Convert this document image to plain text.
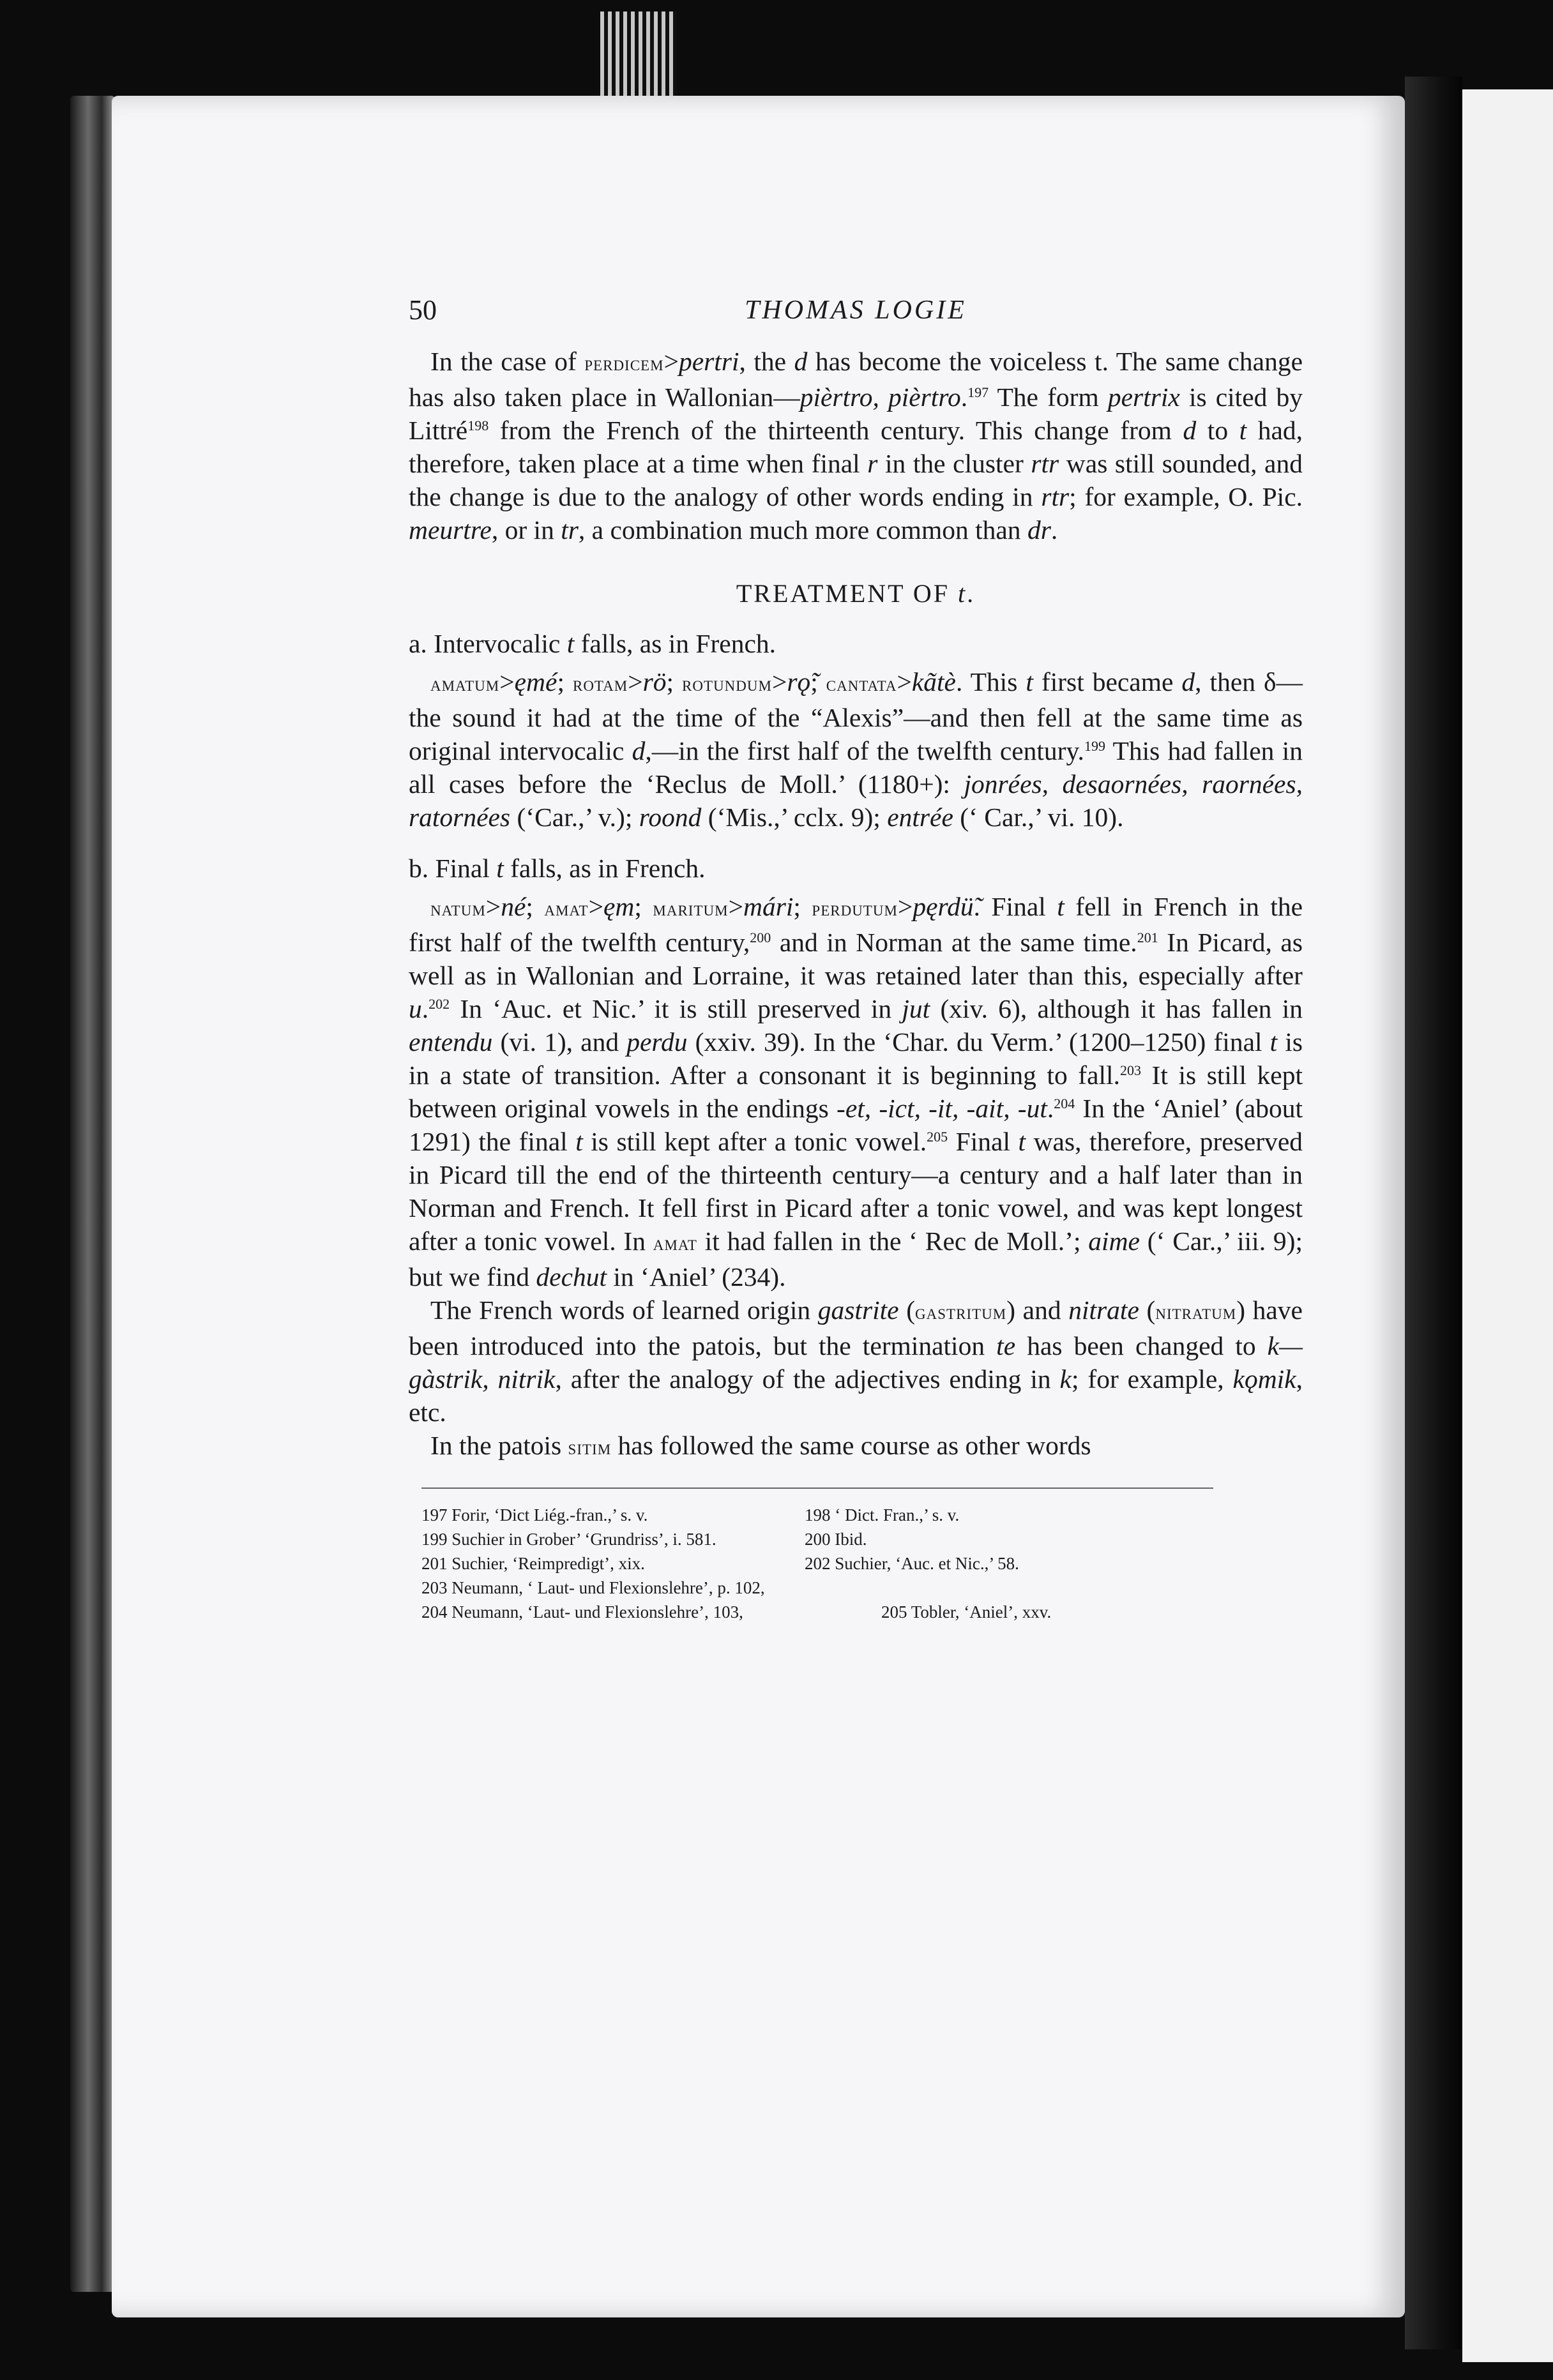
50	THOMAS LOGIE

In the case of perdicem>pertri, the d has become the voiceless t. The same change has also taken place in Wallonian—pièrtro, pièrtro.$^{197}$ The form pertrix is cited by Littré$^{198}$ from the French of the thirteenth century. This change from d to t had, therefore, taken place at a time when final r in the cluster rtr was still sounded, and the change is due to the analogy of other words ending in rtr; for example, O. Pic. meurtre, or in tr, a combination much more common than dr.

TREATMENT OF t.

a. Intervocalic t falls, as in French.

amatum>ęmé; rotam>rö; rotundum>rǫ̃; cantata>kãtè. This t first became d, then δ—the sound it had at the time of the “Alexis”—and then fell at the same time as original intervocalic d,—in the first half of the twelfth century.$^{199}$ This had fallen in all cases before the ‘Reclus de Moll.’ (1180+): jonrées, desaornées, raornées, ratornées (‘Car.,’ v.); roond (‘Mis.,’ cclx. 9); entrée (‘ Car.,’ vi. 10).

b. Final t falls, as in French.

natum>né; amat>ęm; maritum>mári; perdutum>pęrdü̃. Final t fell in French in the first half of the twelfth century,$^{200}$ and in Norman at the same time.$^{201}$ In Picard, as well as in Wallonian and Lorraine, it was retained later than this, especially after u.$^{202}$ In ‘Auc. et Nic.’ it is still preserved in jut (xiv. 6), although it has fallen in entendu (vi. 1), and perdu (xxiv. 39). In the ‘Char. du Verm.’ (1200–1250) final t is in a state of transition. After a consonant it is beginning to fall.$^{203}$ It is still kept between original vowels in the endings -et, -ict, -it, -ait, -ut.$^{204}$ In the ‘Aniel’ (about 1291) the final t is still kept after a tonic vowel.$^{205}$ Final t was, therefore, preserved in Picard till the end of the thirteenth century—a century and a half later than in Norman and French. It fell first in Picard after a tonic vowel, and was kept longest after a tonic vowel. In amat it had fallen in the ‘ Rec de Moll.’; aime (‘ Car.,’ iii. 9); but we find dechut in ‘Aniel’ (234).

The French words of learned origin gastrite (gastritum) and nitrate (nitratum) have been introduced into the patois, but the termination te has been changed to k—gàstrik, nitrik, after the analogy of the adjectives ending in k; for example, kǫmik, etc.

In the patois sitim has followed the same course as other words

197 Forir, ‘Dict Liég.-fran.,’ s. v.	198 ‘ Dict. Fran.,’ s. v.
199 Suchier in Grober’ ‘Grundriss’, i. 581.	200 Ibid.
201 Suchier, ‘Reimpredigt’, xix.	202 Suchier, ‘Auc. et Nic.,’ 58.
203 Neumann, ‘ Laut- und Flexionslehre’, p. 102,
204 Neumann, ‘Laut- und Flexionslehre’, 103,	205 Tobler, ‘Aniel’, xxv.
